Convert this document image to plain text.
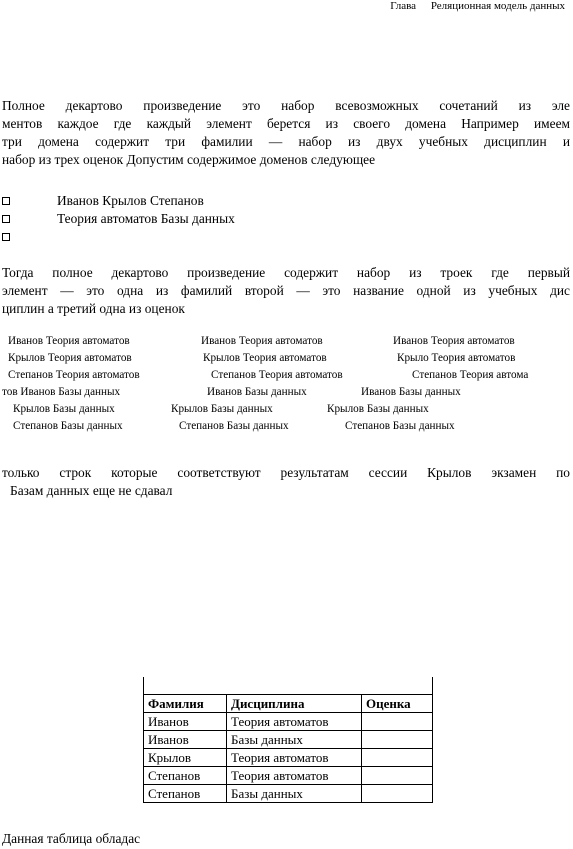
Глава Реляционная модель данных
Полное декартово произведение это набор всевозможных сочетаний из эле
ментов каждое где каждый элемент берется из своего домена Например имеем
три домена содержит три фамилии — набор из двух учебных дисциплин и
набор из трех оценок Допустим содержимое доменов следующее
Иванов Крылов Степанов
Теория автоматов Базы данных
Тогда полное декартово произведение содержит набор из троек где первый
элемент — это одна из фамилий второй — это название одной из учебных дис
циплин а третий одна из оценок
Иванов Теория автоматов	Иванов Теория автоматов	Иванов Теория автоматов
Крылов Теория автоматов	Крылов Теория автоматов	Крыло Теория автоматов
Степанов Теория автоматов	Степанов Теория автоматов	Степанов Теория автома
тов Иванов Базы данных	Иванов Базы данных	Иванов Базы данных
Крылов Базы данных	Крылов Базы данных	Крылов Базы данных
Степанов Базы данных	Степанов Базы данных	Степанов Базы данных
только строк которые соответствуют результатам сессии Крылов экзамен по
Базам данных еще не сдавал

Фамилия	Дисциплина	Оценка
Иванов	Теория автоматов	
Иванов	Базы данных	
Крылов	Теория автоматов	
Степанов	Теория автоматов	
Степанов	Базы данных	
Данная таблица обладас
